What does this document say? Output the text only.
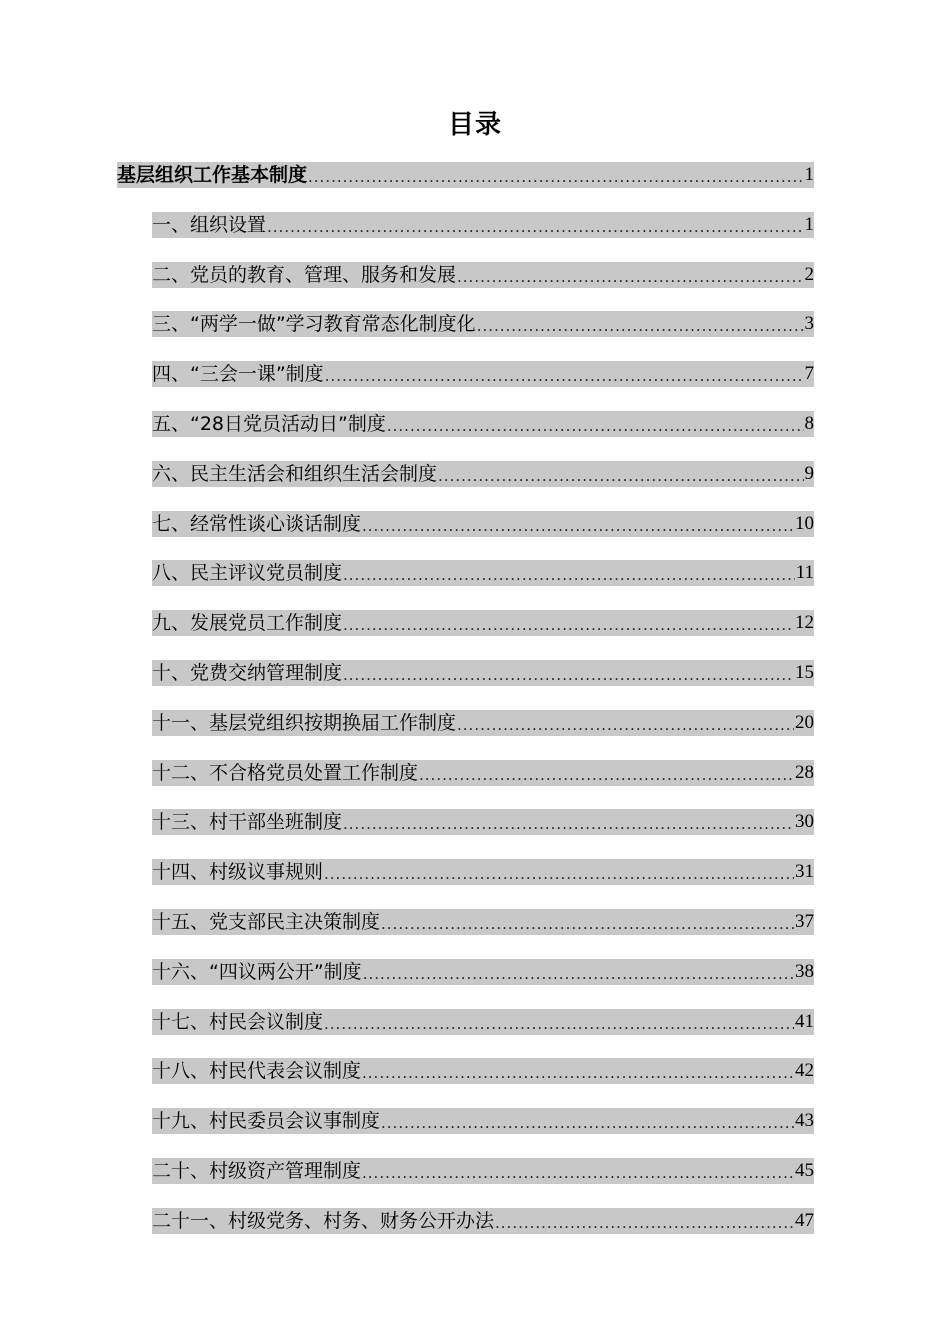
目录
基层组织工作基本制度 .....	1
一、组织设置 .....	1
二、党员的教育、管理、服务和发展 .....	2
三、“两学一做”学习教育常态化制度化 .....	3
四、“三会一课”制度 .....	7
五、“28日党员活动日”制度 .....	8
六、民主生活会和组织生活会制度 .....	9
七、经常性谈心谈话制度 .....	10
八、民主评议党员制度 .....	11
九、发展党员工作制度 .....	12
十、党费交纳管理制度 .....	15
十一、基层党组织按期换届工作制度 .....	20
十二、不合格党员处置工作制度 .....	28
十三、村干部坐班制度 .....	30
十四、村级议事规则 .....	31
十五、党支部民主决策制度 .....	37
十六、“四议两公开”制度 .....	38
十七、村民会议制度 .....	41
十八、村民代表会议制度 .....	42
十九、村民委员会议事制度 .....	43
二十、村级资产管理制度 .....	45
二十一、村级党务、村务、财务公开办法 .....	47
